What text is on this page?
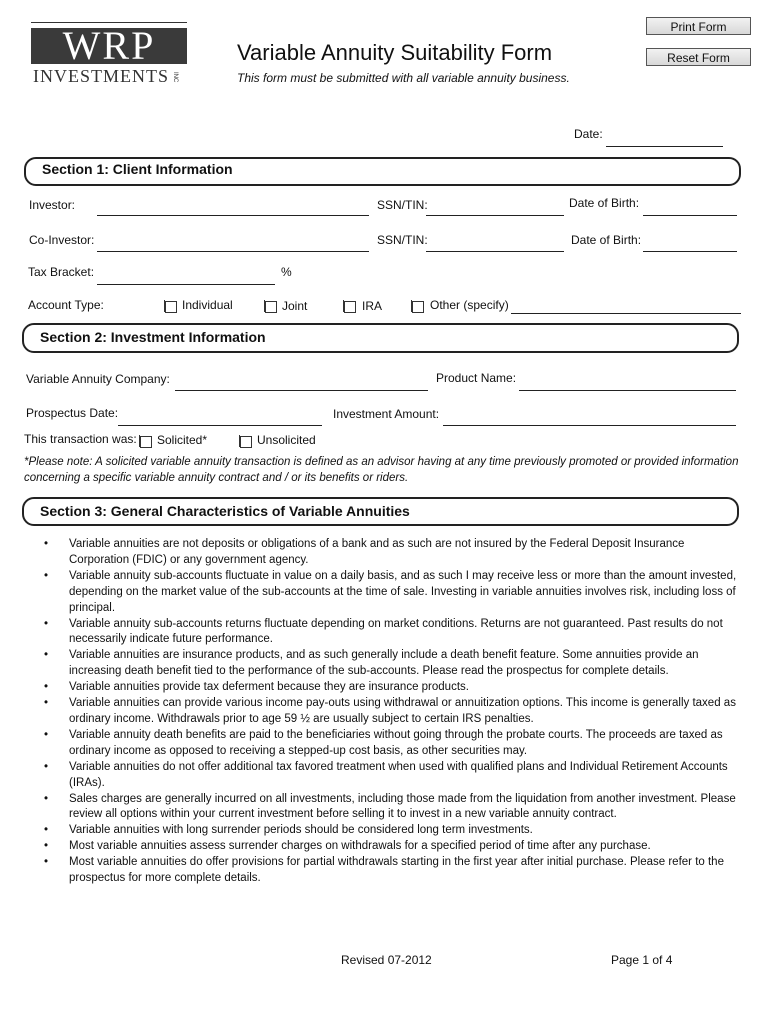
Print Form
Reset Form
WRP
INVESTMENTS INC
Variable Annuity Suitability Form
This form must be submitted with all variable annuity business.
Date:
Section 1: Client Information
Investor:	SSN/TIN:	Date of Birth:
Co-Investor:	SSN/TIN:	Date of Birth:
Tax Bracket:	%
Account Type:	Individual	Joint	IRA	Other (specify)
Section 2: Investment Information
Variable Annuity Company:	Product Name:
Prospectus Date:	Investment Amount:
This transaction was: Solicited*	Unsolicited
*Please note: A solicited variable annuity transaction is defined as an advisor having at any time previously promoted or provided information concerning a specific variable annuity contract and / or its benefits or riders.
Section 3: General Characteristics of Variable Annuities
• Variable annuities are not deposits or obligations of a bank and as such are not insured by the Federal Deposit Insurance Corporation (FDIC) or any government agency.
• Variable annuity sub-accounts fluctuate in value on a daily basis, and as such I may receive less or more than the amount invested, depending on the market value of the sub-accounts at the time of sale. Investing in variable annuities involves risk, including loss of principal.
• Variable annuity sub-accounts returns fluctuate depending on market conditions. Returns are not guaranteed. Past results do not necessarily indicate future performance.
• Variable annuities are insurance products, and as such generally include a death benefit feature. Some annuities provide an increasing death benefit tied to the performance of the sub-accounts. Please read the prospectus for complete details.
• Variable annuities provide tax deferment because they are insurance products.
• Variable annuities can provide various income pay-outs using withdrawal or annuitization options. This income is generally taxed as ordinary income. Withdrawals prior to age 59 ½ are usually subject to certain IRS penalties.
• Variable annuity death benefits are paid to the beneficiaries without going through the probate courts. The proceeds are taxed as ordinary income as opposed to receiving a stepped-up cost basis, as other securities may.
• Variable annuities do not offer additional tax favored treatment when used with qualified plans and Individual Retirement Accounts (IRAs).
• Sales charges are generally incurred on all investments, including those made from the liquidation from another investment. Please review all options within your current investment before selling it to invest in a new variable annuity contract.
• Variable annuities with long surrender periods should be considered long term investments.
• Most variable annuities assess surrender charges on withdrawals for a specified period of time after any purchase.
• Most variable annuities do offer provisions for partial withdrawals starting in the first year after initial purchase. Please refer to the prospectus for more complete details.
Revised 07-2012	Page 1 of 4
